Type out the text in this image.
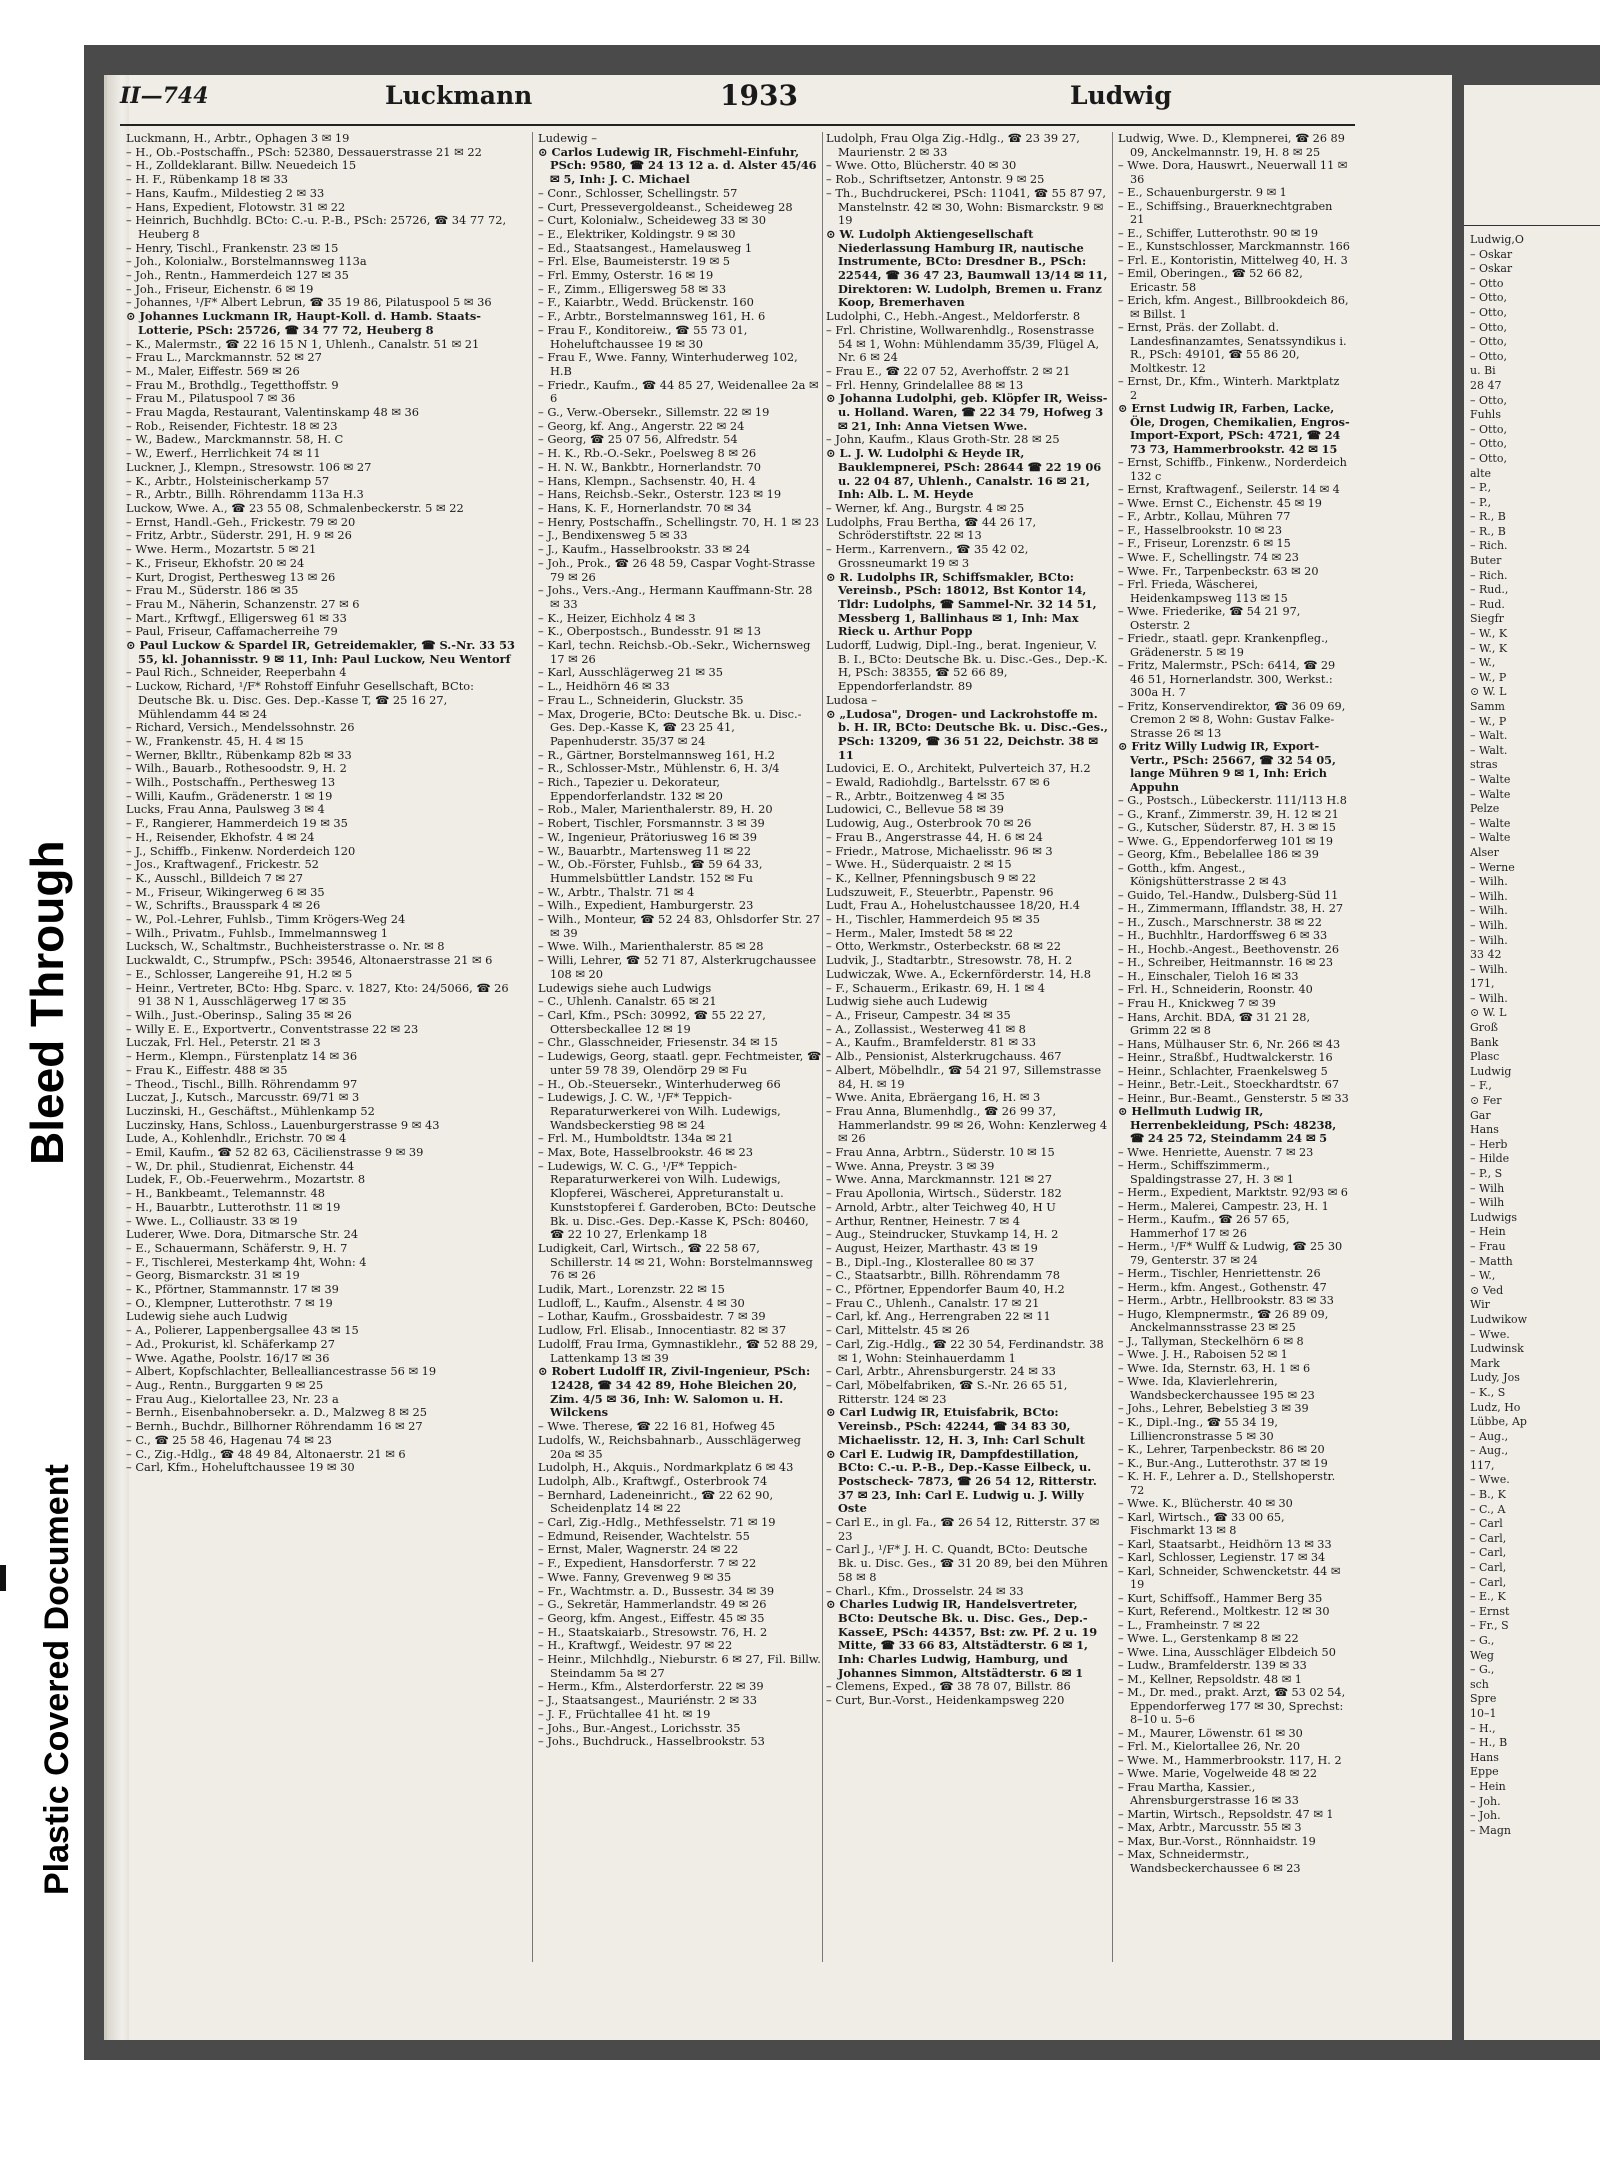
Bleed Through
Plastic Covered Document
Ludwig,O
– Oskar
– Oskar
– Otto
– Otto,
– Otto,
– Otto,
– Otto,
– Otto,
u. Bi
28 47
– Otto,
Fuhls
– Otto,
– Otto,
– Otto,
alte
– P.,
– P.,
– R., B
– R., B
– Rich.
Buter
– Rich.
– Rud.,
– Rud.
Siegfr
– W., K
– W., K
– W.,
– W., P
⊙ W. L
Samm
– W., P
– Walt.
– Walt.
stras
– Walte
– Walte
Pelze
– Walte
– Walte
Alser
– Werne
– Wilh.
– Wilh.
– Wilh.
– Wilh.
– Wilh.
33 42
– Wilh.
171,
– Wilh.
⊙ W. L
Groß
Bank
Plasc
Ludwig
– F.,
⊙ Fer
Gar
Hans
– Herb
– Hilde
– P., S
– Wilh
– Wilh
Ludwigs
– Hein
– Frau
– Matth
– W.,
⊙ Ved
Wir
Ludwikow
– Wwe.
Ludwinsk
Mark
Ludy, Jos
– K., S
Ludz, Ho
Lübbe, Ap
– Aug.,
– Aug.,
117,
– Wwe.
– B., K
– C., A
– Carl
– Carl,
– Carl,
– Carl,
– Carl,
– E., K
– Ernst
– Fr., S
– G.,
Weg
– G.,
sch
Spre
10–1
– H.,
– H., B
Hans
Eppe
– Hein
– Joh.
– Joh.
– Magn
II—744	Luckmann	1933	Ludwig
Luckmann, H., Arbtr., Ophagen 3 ✉ 19
– H., Ob.-Postschaffn., PSch: 52380, Dessauerstrasse 21 ✉ 22
– H., Zolldeklarant. Billw. Neuedeich 15
– H. F., Rübenkamp 18 ✉ 33
– Hans, Kaufm., Mildestieg 2 ✉ 33
– Hans, Expedient, Flotowstr. 31 ✉ 22
– Heinrich, Buchhdlg. BCto: C.-u. P.-B., PSch: 25726, ☎ 34 77 72, Heuberg 8
– Henry, Tischl., Frankenstr. 23 ✉ 15
– Joh., Kolonialw., Borstelmannsweg 113a
– Joh., Rentn., Hammerdeich 127 ✉ 35
– Joh., Friseur, Eichenstr. 6 ✉ 19
– Johannes, ¹/F* Albert Lebrun, ☎ 35 19 86, Pilatuspool 5 ✉ 36
⊙ Johannes Luckmann IR, Haupt-Koll. d. Hamb. Staats-Lotterie, PSch: 25726, ☎ 34 77 72, Heuberg 8
– K., Malermstr., ☎ 22 16 15 N 1, Uhlenh., Canalstr. 51 ✉ 21
– Frau L., Marckmannstr. 52 ✉ 27
– M., Maler, Eiffestr. 569 ✉ 26
– Frau M., Brothdlg., Tegetthoffstr. 9
– Frau M., Pilatuspool 7 ✉ 36
– Frau Magda, Restaurant, Valentinskamp 48 ✉ 36
– Rob., Reisender, Fichtestr. 18 ✉ 23
– W., Badew., Marckmannstr. 58, H. C
– W., Ewerf., Herrlichkeit 74 ✉ 11
Luckner, J., Klempn., Stresowstr. 106 ✉ 27
– K., Arbtr., Holsteinischerkamp 57
– R., Arbtr., Billh. Röhrendamm 113a H.3
Luckow, Wwe. A., ☎ 23 55 08, Schmalenbeckerstr. 5 ✉ 22
– Ernst, Handl.-Geh., Frickestr. 79 ✉ 20
– Fritz, Arbtr., Süderstr. 291, H. 9 ✉ 26
– Wwe. Herm., Mozartstr. 5 ✉ 21
– K., Friseur, Ekhofstr. 20 ✉ 24
– Kurt, Drogist, Perthesweg 13 ✉ 26
– Frau M., Süderstr. 186 ✉ 35
– Frau M., Näherin, Schanzenstr. 27 ✉ 6
– Mart., Krftwgf., Elligersweg 61 ✉ 33
– Paul, Friseur, Caffamacherreihe 79
⊙ Paul Luckow & Spardel IR, Getreidemakler, ☎ S.-Nr. 33 53 55, kl. Johannisstr. 9 ✉ 11, Inh: Paul Luckow, Neu Wentorf
– Paul Rich., Schneider, Reeperbahn 4
– Luckow, Richard, ¹/F* Rohstoff Einfuhr Gesellschaft, BCto: Deutsche Bk. u. Disc. Ges. Dep.-Kasse T, ☎ 25 16 27, Mühlendamm 44 ✉ 24
– Richard, Versich., Mendelssohnstr. 26
– W., Frankenstr. 45, H. 4 ✉ 15
– Werner, Bklltr., Rübenkamp 82b ✉ 33
– Wilh., Bauarb., Rothesoodstr. 9, H. 2
– Wilh., Postschaffn., Perthesweg 13
– Willi, Kaufm., Grädenerstr. 1 ✉ 19
Lucks, Frau Anna, Paulsweg 3 ✉ 4
– F., Rangierer, Hammerdeich 19 ✉ 35
– H., Reisender, Ekhofstr. 4 ✉ 24
– J., Schiffb., Finkenw. Norderdeich 120
– Jos., Kraftwagenf., Frickestr. 52
– K., Ausschl., Billdeich 7 ✉ 27
– M., Friseur, Wikingerweg 6 ✉ 35
– W., Schrifts., Brausspark 4 ✉ 26
– W., Pol.-Lehrer, Fuhlsb., Timm Krögers-Weg 24
– Wilh., Privatm., Fuhlsb., Immelmannsweg 1
Lucksch, W., Schaltmstr., Buchheisterstrasse o. Nr. ✉ 8
Luckwaldt, C., Strumpfw., PSch: 39546, Altonaerstrasse 21 ✉ 6
– E., Schlosser, Langereihe 91, H.2 ✉ 5
– Heinr., Vertreter, BCto: Hbg. Sparc. v. 1827, Kto: 24/5066, ☎ 26 91 38 N 1, Ausschlägerweg 17 ✉ 35
– Wilh., Just.-Oberinsp., Saling 35 ✉ 26
– Willy E. E., Exportvertr., Conventstrasse 22 ✉ 23
Luczak, Frl. Hel., Peterstr. 21 ✉ 3
– Herm., Klempn., Fürstenplatz 14 ✉ 36
– Frau K., Eiffestr. 488 ✉ 35
– Theod., Tischl., Billh. Röhrendamm 97
Luczat, J., Kutsch., Marcusstr. 69/71 ✉ 3
Luczinski, H., Geschäftst., Mühlenkamp 52
Luczinsky, Hans, Schloss., Lauenburgerstrasse 9 ✉ 43
Lude, A., Kohlenhdlr., Erichstr. 70 ✉ 4
– Emil, Kaufm., ☎ 52 82 63, Cäcilienstrasse 9 ✉ 39
– W., Dr. phil., Studienrat, Eichenstr. 44
Ludek, F., Ob.-Feuerwehrm., Mozartstr. 8
– H., Bankbeamt., Telemannstr. 48
– H., Bauarbtr., Lutterothstr. 11 ✉ 19
– Wwe. L., Colliaustr. 33 ✉ 19
Luderer, Wwe. Dora, Ditmarsche Str. 24
– E., Schauermann, Schäferstr. 9, H. 7
– F., Tischlerei, Mesterkamp 4ht, Wohn: 4
– Georg, Bismarckstr. 31 ✉ 19
– K., Pförtner, Stammannstr. 17 ✉ 39
– O., Klempner, Lutterothstr. 7 ✉ 19
Ludewig siehe auch Ludwig
– A., Polierer, Lappenbergsallee 43 ✉ 15
– Ad., Prokurist, kl. Schäferkamp 27
– Wwe. Agathe, Poolstr. 16/17 ✉ 36
– Albert, Kopfschlachter, Bellealliancestrasse 56 ✉ 19
– Aug., Rentn., Burggarten 9 ✉ 25
– Frau Aug., Kielortallee 23, Nr. 23 a
– Bernh., Eisenbahnobersekr. a. D., Malzweg 8 ✉ 25
– Bernh., Buchdr., Billhorner Röhrendamm 16 ✉ 27
– C., ☎ 25 58 46, Hagenau 74 ✉ 23
– C., Zig.-Hdlg., ☎ 48 49 84, Altonaerstr. 21 ✉ 6
– Carl, Kfm., Hoheluftchaussee 19 ✉ 30
Ludewig –
⊙ Carlos Ludewig IR, Fischmehl-Einfuhr, PSch: 9580, ☎ 24 13 12 a. d. Alster 45/46 ✉ 5, Inh: J. C. Michael
– Conr., Schlosser, Schellingstr. 57
– Curt, Pressevergoldeanst., Scheideweg 28
– Curt, Kolonialw., Scheideweg 33 ✉ 30
– E., Elektriker, Koldingstr. 9 ✉ 30
– Ed., Staatsangest., Hamelausweg 1
– Frl. Else, Baumeisterstr. 19 ✉ 5
– Frl. Emmy, Osterstr. 16 ✉ 19
– F., Zimm., Elligersweg 58 ✉ 33
– F., Kaiarbtr., Wedd. Brückenstr. 160
– F., Arbtr., Borstelmannsweg 161, H. 6
– Frau F., Konditoreiw., ☎ 55 73 01, Hoheluftchaussee 19 ✉ 30
– Frau F., Wwe. Fanny, Winterhuderweg 102, H.B
– Friedr., Kaufm., ☎ 44 85 27, Weidenallee 2a ✉ 6
– G., Verw.-Obersekr., Sillemstr. 22 ✉ 19
– Georg, kf. Ang., Angerstr. 22 ✉ 24
– Georg, ☎ 25 07 56, Alfredstr. 54
– H. K., Rb.-O.-Sekr., Poelsweg 8 ✉ 26
– H. N. W., Bankbtr., Hornerlandstr. 70
– Hans, Klempn., Sachsenstr. 40, H. 4
– Hans, Reichsb.-Sekr., Osterstr. 123 ✉ 19
– Hans, K. F., Hornerlandstr. 70 ✉ 34
– Henry, Postschaffn., Schellingstr. 70, H. 1 ✉ 23
– J., Bendixensweg 5 ✉ 33
– J., Kaufm., Hasselbrookstr. 33 ✉ 24
– Joh., Prok., ☎ 26 48 59, Caspar Voght-Strasse 79 ✉ 26
– Johs., Vers.-Ang., Hermann Kauffmann-Str. 28 ✉ 33
– K., Heizer, Eichholz 4 ✉ 3
– K., Oberpostsch., Bundesstr. 91 ✉ 13
– Karl, techn. Reichsb.-Ob.-Sekr., Wichernsweg 17 ✉ 26
– Karl, Ausschlägerweg 21 ✉ 35
– L., Heidhörn 46 ✉ 33
– Frau L., Schneiderin, Gluckstr. 35
– Max, Drogerie, BCto: Deutsche Bk. u. Disc.-Ges. Dep.-Kasse K, ☎ 23 25 41, Papenhuderstr. 35/37 ✉ 24
– R., Gärtner, Borstelmannsweg 161, H.2
– R., Schlosser-Mstr., Mühlenstr. 6, H. 3/4
– Rich., Tapezier u. Dekorateur, Eppendorferlandstr. 132 ✉ 20
– Rob., Maler, Marienthalerstr. 89, H. 20
– Robert, Tischler, Forsmannstr. 3 ✉ 39
– W., Ingenieur, Prätoriusweg 16 ✉ 39
– W., Bauarbtr., Martensweg 11 ✉ 22
– W., Ob.-Förster, Fuhlsb., ☎ 59 64 33, Hummelsbüttler Landstr. 152 ✉ Fu
– W., Arbtr., Thalstr. 71 ✉ 4
– Wilh., Expedient, Hamburgerstr. 23
– Wilh., Monteur, ☎ 52 24 83, Ohlsdorfer Str. 27 ✉ 39
– Wwe. Wilh., Marienthalerstr. 85 ✉ 28
– Willi, Lehrer, ☎ 52 71 87, Alsterkrugchaussee 108 ✉ 20
Ludewigs siehe auch Ludwigs
– C., Uhlenh. Canalstr. 65 ✉ 21
– Carl, Kfm., PSch: 30992, ☎ 55 22 27, Ottersbeckallee 12 ✉ 19
– Chr., Glasschneider, Friesenstr. 34 ✉ 15
– Ludewigs, Georg, staatl. gepr. Fechtmeister, ☎ unter 59 78 39, Olendörp 29 ✉ Fu
– H., Ob.-Steuersekr., Winterhuderweg 66
– Ludewigs, J. C. W., ¹/F* Teppich-Reparaturwerkerei von Wilh. Ludewigs, Wandsbeckerstieg 98 ✉ 24
– Frl. M., Humboldtstr. 134a ✉ 21
– Max, Bote, Hasselbrookstr. 46 ✉ 23
– Ludewigs, W. C. G., ¹/F* Teppich-Reparaturwerkerei von Wilh. Ludewigs, Klopferei, Wäscherei, Appreturanstalt u. Kunststopferei f. Garderoben, BCto: Deutsche Bk. u. Disc.-Ges. Dep.-Kasse K, PSch: 80460, ☎ 22 10 27, Erlenkamp 18
Ludigkeit, Carl, Wirtsch., ☎ 22 58 67, Schillerstr. 14 ✉ 21, Wohn: Borstelmannsweg 76 ✉ 26
Ludik, Mart., Lorenzstr. 22 ✉ 15
Ludloff, L., Kaufm., Alsenstr. 4 ✉ 30
– Lothar, Kaufm., Grossbaidestr. 7 ✉ 39
Ludlow, Frl. Elisab., Innocentiastr. 82 ✉ 37
Ludolff, Frau Irma, Gymnastiklehr., ☎ 52 88 29, Lattenkamp 13 ✉ 39
⊙ Robert Ludolff IR, Zivil-Ingenieur, PSch: 12428, ☎ 34 42 89, Hohe Bleichen 20, Zim. 4/5 ✉ 36, Inh: W. Salomon u. H. Wilckens
– Wwe. Therese, ☎ 22 16 81, Hofweg 45
Ludolfs, W., Reichsbahnarb., Ausschlägerweg 20a ✉ 35
Ludolph, H., Akquis., Nordmarkplatz 6 ✉ 43
Ludolph, Alb., Kraftwgf., Osterbrook 74
– Bernhard, Ladeneinricht., ☎ 22 62 90, Scheidenplatz 14 ✉ 22
– Carl, Zig.-Hdlg., Methfesselstr. 71 ✉ 19
– Edmund, Reisender, Wachtelstr. 55
– Ernst, Maler, Wagnerstr. 24 ✉ 22
– F., Expedient, Hansdorferstr. 7 ✉ 22
– Wwe. Fanny, Grevenweg 9 ✉ 35
– Fr., Wachtmstr. a. D., Bussestr. 34 ✉ 39
– G., Sekretär, Hammerlandstr. 49 ✉ 26
– Georg, kfm. Angest., Eiffestr. 45 ✉ 35
– H., Staatskaiarb., Stresowstr. 76, H. 2
– H., Kraftwgf., Weidestr. 97 ✉ 22
– Heinr., Milchhdlg., Nieburstr. 6 ✉ 27, Fil. Billw. Steindamm 5a ✉ 27
– Herm., Kfm., Alsterdorferstr. 22 ✉ 39
– J., Staatsangest., Mauriénstr. 2 ✉ 33
– J. F., Früchtallee 41 ht. ✉ 19
– Johs., Bur.-Angest., Lorichsstr. 35
– Johs., Buchdruck., Hasselbrookstr. 53
Ludolph, Frau Olga Zig.-Hdlg., ☎ 23 39 27, Maurienstr. 2 ✉ 33
– Wwe. Otto, Blücherstr. 40 ✉ 30
– Rob., Schriftsetzer, Antonstr. 9 ✉ 25
– Th., Buchdruckerei, PSch: 11041, ☎ 55 87 97, Manstelnstr. 42 ✉ 30, Wohn: Bismarckstr. 9 ✉ 19
⊙ W. Ludolph Aktiengesellschaft Niederlassung Hamburg IR, nautische Instrumente, BCto: Dresdner B., PSch: 22544, ☎ 36 47 23, Baumwall 13/14 ✉ 11, Direktoren: W. Ludolph, Bremen u. Franz Koop, Bremerhaven
Ludolphi, C., Hebh.-Angest., Meldorferstr. 8
– Frl. Christine, Wollwarenhdlg., Rosenstrasse 54 ✉ 1, Wohn: Mühlendamm 35/39, Flügel A, Nr. 6 ✉ 24
– Frau E., ☎ 22 07 52, Averhoffstr. 2 ✉ 21
– Frl. Henny, Grindelallee 88 ✉ 13
⊙ Johanna Ludolphi, geb. Klöpfer IR, Weiss- u. Holland. Waren, ☎ 22 34 79, Hofweg 3 ✉ 21, Inh: Anna Vietsen Wwe.
– John, Kaufm., Klaus Groth-Str. 28 ✉ 25
⊙ L. J. W. Ludolphi & Heyde IR, Bauklempnerei, PSch: 28644 ☎ 22 19 06 u. 22 04 87, Uhlenh., Canalstr. 16 ✉ 21, Inh: Alb. L. M. Heyde
– Werner, kf. Ang., Burgstr. 4 ✉ 25
Ludolphs, Frau Bertha, ☎ 44 26 17, Schröderstiftstr. 22 ✉ 13
– Herm., Karrenvern., ☎ 35 42 02, Grossneumarkt 19 ✉ 3
⊙ R. Ludolphs IR, Schiffsmakler, BCto: Vereinsb., PSch: 18012, Bst Kontor 14, Tldr: Ludolphs, ☎ Sammel-Nr. 32 14 51, Messberg 1, Ballinhaus ✉ 1, Inh: Max Rieck u. Arthur Popp
Ludorff, Ludwig, Dipl.-Ing., berat. Ingenieur, V. B. I., BCto: Deutsche Bk. u. Disc.-Ges., Dep.-K. H, PSch: 38355, ☎ 52 66 89, Eppendorferlandstr. 89
Ludosa –
⊙ „Ludosa", Drogen- und Lackrohstoffe m. b. H. IR, BCto: Deutsche Bk. u. Disc.-Ges., PSch: 13209, ☎ 36 51 22, Deichstr. 38 ✉ 11
Ludovici, E. O., Architekt, Pulverteich 37, H.2
– Ewald, Radiohdlg., Bartelsstr. 67 ✉ 6
– R., Arbtr., Boitzenweg 4 ✉ 35
Ludowici, C., Bellevue 58 ✉ 39
Ludowig, Aug., Osterbrook 70 ✉ 26
– Frau B., Angerstrasse 44, H. 6 ✉ 24
– Friedr., Matrose, Michaelisstr. 96 ✉ 3
– Wwe. H., Süderquaistr. 2 ✉ 15
– K., Kellner, Pfenningsbusch 9 ✉ 22
Ludszuweit, F., Steuerbtr., Papenstr. 96
Ludt, Frau A., Hohelustchaussee 18/20, H.4
– H., Tischler, Hammerdeich 95 ✉ 35
– Herm., Maler, Imstedt 58 ✉ 22
– Otto, Werkmstr., Osterbeckstr. 68 ✉ 22
Ludvik, J., Stadtarbtr., Stresowstr. 78, H. 2
Ludwiczak, Wwe. A., Eckernförderstr. 14, H.8
– F., Schauerm., Erikastr. 69, H. 1 ✉ 4
Ludwig siehe auch Ludewig
– A., Friseur, Campestr. 34 ✉ 35
– A., Zollassist., Westerweg 41 ✉ 8
– A., Kaufm., Bramfelderstr. 81 ✉ 33
– Alb., Pensionist, Alsterkrugchauss. 467
– Albert, Möbelhdlr., ☎ 54 21 97, Sillemstrasse 84, H. ✉ 19
– Wwe. Anita, Ebräergang 16, H. ✉ 3
– Frau Anna, Blumenhdlg., ☎ 26 99 37, Hammerlandstr. 99 ✉ 26, Wohn: Kenzlerweg 4 ✉ 26
– Frau Anna, Arbtrn., Süderstr. 10 ✉ 15
– Wwe. Anna, Preystr. 3 ✉ 39
– Wwe. Anna, Marckmannstr. 121 ✉ 27
– Frau Apollonia, Wirtsch., Süderstr. 182
– Arnold, Arbtr., alter Teichweg 40, H U
– Arthur, Rentner, Heinestr. 7 ✉ 4
– Aug., Steindrucker, Stuvkamp 14, H. 2
– August, Heizer, Marthastr. 43 ✉ 19
– B., Dipl.-Ing., Klosterallee 80 ✉ 37
– C., Staatsarbtr., Billh. Röhrendamm 78
– C., Pförtner, Eppendorfer Baum 40, H.2
– Frau C., Uhlenh., Canalstr. 17 ✉ 21
– Carl, kf. Ang., Herrengraben 22 ✉ 11
– Carl, Mittelstr. 45 ✉ 26
– Carl, Zig.-Hdlg., ☎ 22 30 54, Ferdinandstr. 38 ✉ 1, Wohn: Steinhauerdamm 1
– Carl, Arbtr., Ahrensburgerstr. 24 ✉ 33
– Carl, Möbelfabriken, ☎ S.-Nr. 26 65 51, Ritterstr. 124 ✉ 23
⊙ Carl Ludwig IR, Etuisfabrik, BCto: Vereinsb., PSch: 42244, ☎ 34 83 30, Michaelisstr. 12, H. 3, Inh: Carl Schult
⊙ Carl E. Ludwig IR, Dampfdestillation, BCto: C.-u. P.-B., Dep.-Kasse Eilbeck, u. Postscheck- 7873, ☎ 26 54 12, Ritterstr. 37 ✉ 23, Inh: Carl E. Ludwig u. J. Willy Oste
– Carl E., in gl. Fa., ☎ 26 54 12, Ritterstr. 37 ✉ 23
– Carl J., ¹/F* J. H. C. Quandt, BCto: Deutsche Bk. u. Disc. Ges., ☎ 31 20 89, bei den Mühren 58 ✉ 8
– Charl., Kfm., Drosselstr. 24 ✉ 33
⊙ Charles Ludwig IR, Handelsvertreter, BCto: Deutsche Bk. u. Disc. Ges., Dep.-KasseE, PSch: 44357, Bst: zw. Pf. 2 u. 19 Mitte, ☎ 33 66 83, Altstädterstr. 6 ✉ 1, Inh: Charles Ludwig, Hamburg, und Johannes Simmon, Altstädterstr. 6 ✉ 1
– Clemens, Exped., ☎ 38 78 07, Billstr. 86
– Curt, Bur.-Vorst., Heidenkampsweg 220
Ludwig, Wwe. D., Klempnerei, ☎ 26 89 09, Anckelmannstr. 19, H. 8 ✉ 25
– Wwe. Dora, Hauswrt., Neuerwall 11 ✉ 36
– E., Schauenburgerstr. 9 ✉ 1
– E., Schiffsing., Brauerknechtgraben 21
– E., Schiffer, Lutterothstr. 90 ✉ 19
– E., Kunstschlosser, Marckmannstr. 166
– Frl. E., Kontoristin, Mittelweg 40, H. 3
– Emil, Oberingen., ☎ 52 66 82, Ericastr. 58
– Erich, kfm. Angest., Billbrookdeich 86, ✉ Billst. 1
– Ernst, Präs. der Zollabt. d. Landesfinanzamtes, Senatssyndikus i. R., PSch: 49101, ☎ 55 86 20, Moltkestr. 12
– Ernst, Dr., Kfm., Winterh. Marktplatz 2
⊙ Ernst Ludwig IR, Farben, Lacke, Öle, Drogen, Chemikalien, Engros-Import-Export, PSch: 4721, ☎ 24 73 73, Hammerbrookstr. 42 ✉ 15
– Ernst, Schiffb., Finkenw., Norderdeich 132 c
– Ernst, Kraftwagenf., Seilerstr. 14 ✉ 4
– Wwe. Ernst C., Eichenstr. 45 ✉ 19
– F., Arbtr., Kollau, Mühren 77
– F., Hasselbrookstr. 10 ✉ 23
– F., Friseur, Lorenzstr. 6 ✉ 15
– Wwe. F., Schellingstr. 74 ✉ 23
– Wwe. Fr., Tarpenbeckstr. 63 ✉ 20
– Frl. Frieda, Wäscherei, Heidenkampsweg 113 ✉ 15
– Wwe. Friederike, ☎ 54 21 97, Osterstr. 2
– Friedr., staatl. gepr. Krankenpfleg., Grädenerstr. 5 ✉ 19
– Fritz, Malermstr., PSch: 6414, ☎ 29 46 51, Hornerlandstr. 300, Werkst.: 300a H. 7
– Fritz, Konservendirektor, ☎ 36 09 69, Cremon 2 ✉ 8, Wohn: Gustav Falke-Strasse 26 ✉ 13
⊙ Fritz Willy Ludwig IR, Export-Vertr., PSch: 25667, ☎ 32 54 05, lange Mühren 9 ✉ 1, Inh: Erich Appuhn
– G., Postsch., Lübeckerstr. 111/113 H.8
– G., Kranf., Zimmerstr. 39, H. 12 ✉ 21
– G., Kutscher, Süderstr. 87, H. 3 ✉ 15
– Wwe. G., Eppendorferweg 101 ✉ 19
– Georg, Kfm., Bebelallee 186 ✉ 39
– Gotth., kfm. Angest., Königshütterstrasse 2 ✉ 43
– Guido, Tel.-Handw., Dulsberg-Süd 11
– H., Zimmermann, Ifflandstr. 38, H. 27
– H., Zusch., Marschnerstr. 38 ✉ 22
– H., Buchhltr., Hardorffsweg 6 ✉ 33
– H., Hochb.-Angest., Beethovenstr. 26
– H., Schreiber, Heitmannstr. 16 ✉ 23
– H., Einschaler, Tieloh 16 ✉ 33
– Frl. H., Schneiderin, Roonstr. 40
– Frau H., Knickweg 7 ✉ 39
– Hans, Archit. BDA, ☎ 31 21 28, Grimm 22 ✉ 8
– Hans, Mülhauser Str. 6, Nr. 266 ✉ 43
– Heinr., Straßbf., Hudtwalckerstr. 16
– Heinr., Schlachter, Fraenkelsweg 5
– Heinr., Betr.-Leit., Stoeckhardtstr. 67
– Heinr., Bur.-Beamt., Gensterstr. 5 ✉ 33
⊙ Hellmuth Ludwig IR, Herrenbekleidung, PSch: 48238, ☎ 24 25 72, Steindamm 24 ✉ 5
– Wwe. Henriette, Auenstr. 7 ✉ 23
– Herm., Schiffszimmerm., Spaldingstrasse 27, H. 3 ✉ 1
– Herm., Expedient, Marktstr. 92/93 ✉ 6
– Herm., Malerei, Campestr. 23, H. 1
– Herm., Kaufm., ☎ 26 57 65, Hammerhof 17 ✉ 26
– Herm., ¹/F* Wulff & Ludwig, ☎ 25 30 79, Genterstr. 37 ✉ 24
– Herm., Tischler, Henriettenstr. 26
– Herm., kfm. Angest., Gothenstr. 47
– Herm., Arbtr., Hellbrookstr. 83 ✉ 33
– Hugo, Klempnermstr., ☎ 26 89 09, Anckelmannsstrasse 23 ✉ 25
– J., Tallyman, Steckelhörn 6 ✉ 8
– Wwe. J. H., Raboisen 52 ✉ 1
– Wwe. Ida, Sternstr. 63, H. 1 ✉ 6
– Wwe. Ida, Klavierlehrerin, Wandsbeckerchaussee 195 ✉ 23
– Johs., Lehrer, Bebelstieg 3 ✉ 39
– K., Dipl.-Ing., ☎ 55 34 19, Lilliencronstrasse 5 ✉ 30
– K., Lehrer, Tarpenbeckstr. 86 ✉ 20
– K., Bur.-Ang., Lutterothstr. 37 ✉ 19
– K. H. F., Lehrer a. D., Stellshoperstr. 72
– Wwe. K., Blücherstr. 40 ✉ 30
– Karl, Wirtsch., ☎ 33 00 65, Fischmarkt 13 ✉ 8
– Karl, Staatsarbt., Heidhörn 13 ✉ 33
– Karl, Schlosser, Legienstr. 17 ✉ 34
– Karl, Schneider, Schwencketstr. 44 ✉ 19
– Kurt, Schiffsoff., Hammer Berg 35
– Kurt, Referend., Moltkestr. 12 ✉ 30
– L., Framheinstr. 7 ✉ 22
– Wwe. L., Gerstenkamp 8 ✉ 22
– Wwe. Lina, Ausschläger Elbdeich 50
– Ludw., Bramfelderstr. 139 ✉ 33
– M., Kellner, Repsoldstr. 48 ✉ 1
– M., Dr. med., prakt. Arzt, ☎ 53 02 54, Eppendorferweg 177 ✉ 30, Sprechst: 8–10 u. 5–6
– M., Maurer, Löwenstr. 61 ✉ 30
– Frl. M., Kielortallee 26, Nr. 20
– Wwe. M., Hammerbrookstr. 117, H. 2
– Wwe. Marie, Vogelweide 48 ✉ 22
– Frau Martha, Kassier., Ahrensburgerstrasse 16 ✉ 33
– Martin, Wirtsch., Repsoldstr. 47 ✉ 1
– Max, Arbtr., Marcusstr. 55 ✉ 3
– Max, Bur.-Vorst., Rönnhaidstr. 19
– Max, Schneidermstr., Wandsbeckerchaussee 6 ✉ 23
